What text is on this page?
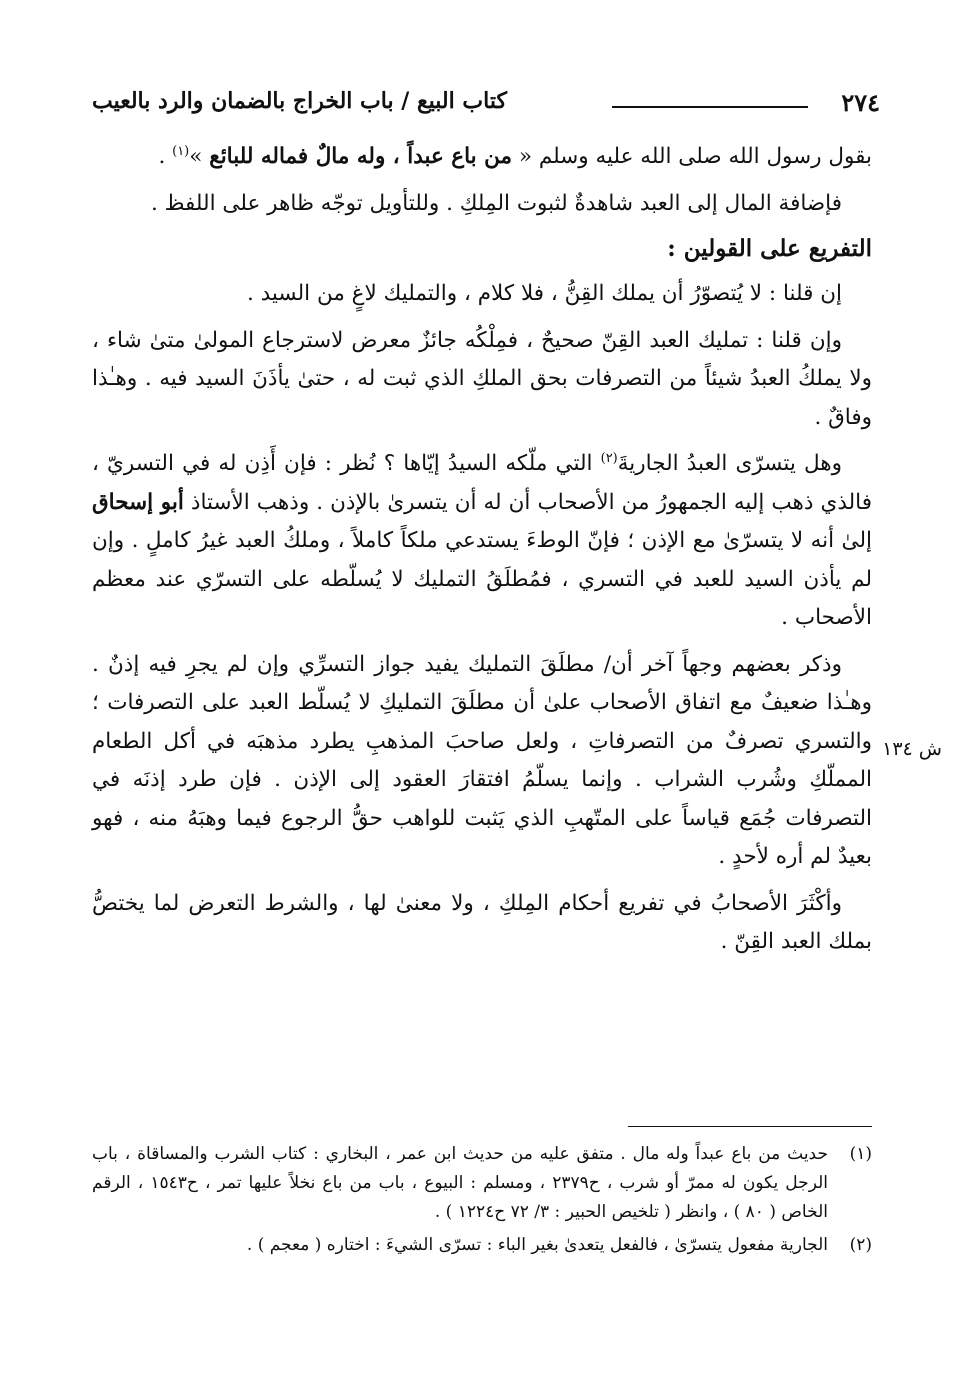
٢٧٤
كتاب البيع / باب الخراج بالضمان والرد بالعيب
ش ١٣٤

بقول رسول الله صلى الله عليه وسلم « من باع عبداً ، وله مالٌ فماله للبائع »$^{(١)}$ .

فإضافة المال إلى العبد شاهدةٌ لثبوت المِلكِ . وللتأويل توجّه ظاهر على اللفظ .

التفريع على القولين :

إن قلنا : لا يُتصوّرُ أن يملك القِنُّ ، فلا كلام ، والتمليك لاغٍ من السيد .

وإن قلنا : تمليك العبد القِنّ صحيحٌ ، فمِلْكُه جائزٌ معرض لاسترجاع المولىٰ متىٰ شاء ، ولا يملكُ العبدُ شيئاً من التصرفات بحق الملكِ الذي ثبت له ، حتىٰ يأذَنَ السيد فيه . وهـٰذا وفاقٌ .

وهل يتسرّى العبدُ الجاريةَ$^{(٢)}$ التي ملّكه السيدُ إيّاها ؟ نُظر : فإن أَذِن له في التسريّ ، فالذي ذهب إليه الجمهورُ من الأصحاب أن له أن يتسرىٰ بالإذن . وذهب الأستاذ أبو إسحاق إلىٰ أنه لا يتسرّىٰ مع الإذن ؛ فإنّ الوطءَ يستدعي ملكاً كاملاً ، وملكُ العبد غيرُ كاملٍ . وإن لم يأذن السيد للعبد في التسري ، فمُطلَقُ التمليك لا يُسلّطه على التسرّي عند معظم الأصحاب .

وذكر بعضهم وجهاً آخر أن/ مطلَقَ التمليك يفيد جواز التسرِّي وإن لم يجرِ فيه إذنٌ . وهـٰذا ضعيفٌ مع اتفاق الأصحاب علىٰ أن مطلَقَ التمليكِ لا يُسلّط العبد على التصرفات ؛ والتسري تصرفٌ من التصرفاتِ ، ولعل صاحبَ المذهبِ يطرد مذهبَه في أكل الطعام المملّكِ وشُرب الشراب . وإنما يسلّمُ افتقارَ العقود إلى الإذن . فإن طرد إذنَه في التصرفات جُمَع قياساً على المتّهبِ الذي يَثبت للواهب حقُّ الرجوع فيما وهبَهُ منه ، فهو بعيدٌ لم أره لأحدٍ .

وأكْثَرَ الأصحابُ في تفريع أحكام المِلكِ ، ولا معنىٰ لها ، والشرط التعرض لما يختصُّ بملك العبد القِنّ .

(١)
حديث من باع عبداً وله مال . متفق عليه من حديث ابن عمر ، البخاري : كتاب الشرب والمساقاة ، باب الرجل يكون له ممرّ أو شرب ، ح٢٣٧٩ ، ومسلم : البيوع ، باب من باع نخلاً عليها تمر ، ح١٥٤٣ ، الرقم الخاص ( ٨٠ ) ، وانظر ( تلخيص الحبير : ٣/ ٧٢ ح١٢٢٤ ) .

(٢)
الجارية مفعول يتسرّىٰ ، فالفعل يتعدىٰ بغير الباء : تسرّى الشيءَ : اختاره ( معجم ) .
